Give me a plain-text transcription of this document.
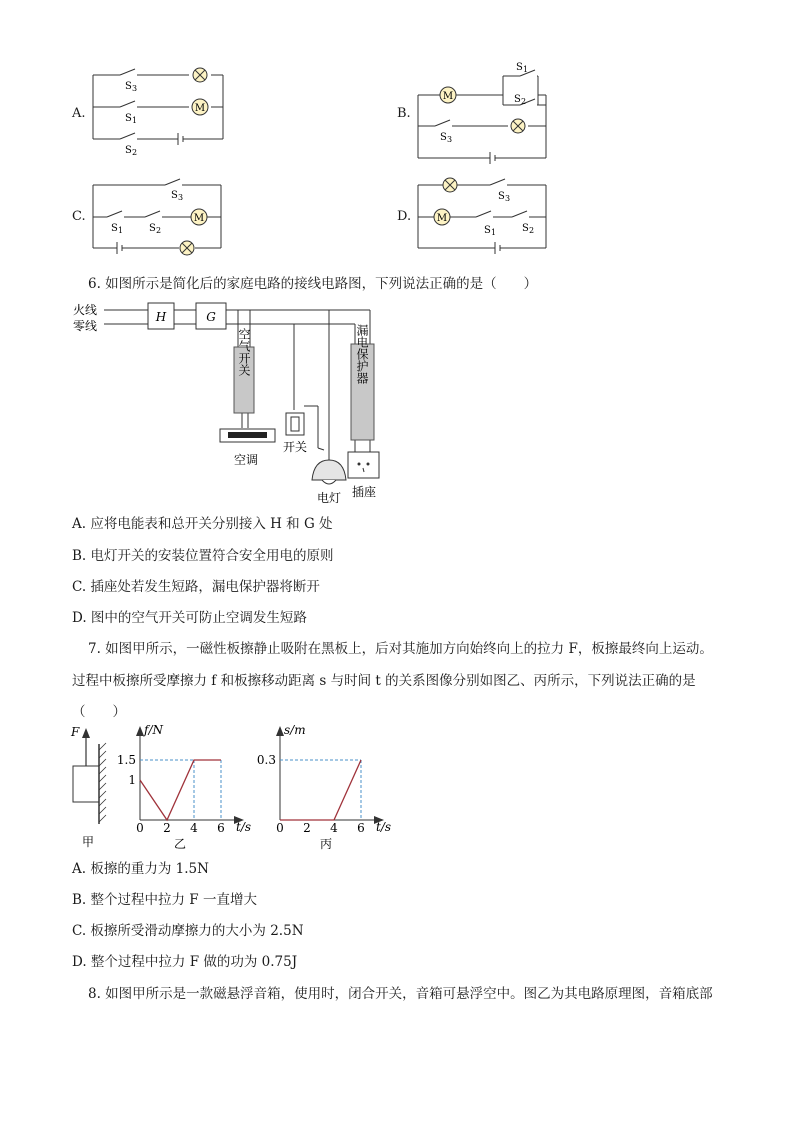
A.	M
S 3
S 1
S 2
B.
M
S 1
S 2
S 3
C.	M
S 3
S 1	S 2
D.	M
S 3
S 1	S 2
6. 如图所示是简化后的家庭电路的接线电路图，下列说法正确的是（　　）
火线
零线
H	G
空气开关
空调
开关
电灯
漏电保护器
插座
A. 应将电能表和总开关分别接入 H 和 G 处
B. 电灯开关的安装位置符合安全用电的原则
C. 插座处若发生短路，漏电保护器将断开
D. 图中的空气开关可防止空调发生短路
7. 如图甲所示，一磁性板擦静止吸附在黑板上，后对其施加方向始终向上的拉力 F，板擦最终向上运动。
过程中板擦所受摩擦力 f 和板擦移动距离 s 与时间 t 的关系图像分别如图乙、丙所示，下列说法正确的是
（　　）
F
甲
f/N
t/s
0 2 4 6
1.5
1
乙
s/m
t/s
0 2 4 6
0.3
丙
A. 板擦的重力为 1.5N
B. 整个过程中拉力 F 一直增大
C. 板擦所受滑动摩擦力的大小为 2.5N
D. 整个过程中拉力 F 做的功为 0.75J
8. 如图甲所示是一款磁悬浮音箱，使用时，闭合开关，音箱可悬浮空中。图乙为其电路原理图，音箱底部
